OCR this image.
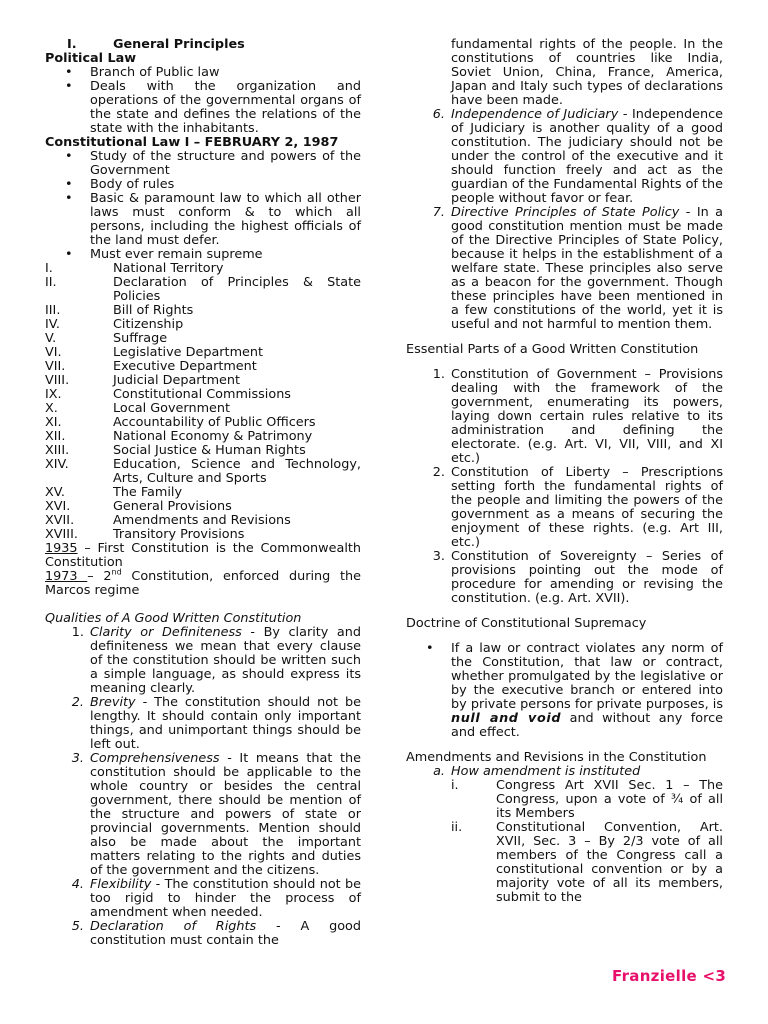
I.	General Principles
Political Law
•	Branch of Public law
•	Deals with the organization and operations of the governmental organs of the state and defines the relations of the state with the inhabitants.
Constitutional Law I – FEBRUARY 2, 1987
•	Study of the structure and powers of the Government
•	Body of rules
•	Basic & paramount law to which all other laws must conform & to which all persons, including the highest officials of the land must defer.
•	Must ever remain supreme
I.	National Territory
II.	Declaration of Principles & State Policies
III.	Bill of Rights
IV.	Citizenship
V.	Suffrage
VI.	Legislative Department
VII.	Executive Department
VIII.	Judicial Department
IX.	Constitutional Commissions
X.	Local Government
XI.	Accountability of Public Officers
XII.	National Economy & Patrimony
XIII.	Social Justice & Human Rights
XIV.	Education, Science and Technology, Arts, Culture and Sports
XV.	The Family
XVI.	General Provisions
XVII.	Amendments and Revisions
XVIII.	Transitory Provisions
1935 – First Constitution is the Commonwealth Constitution
1973 – 2nd Constitution, enforced during the Marcos regime
Qualities of A Good Written Constitution
1. Clarity or Definiteness - By clarity and definiteness we mean that every clause of the constitution should be written such a simple language, as should express its meaning clearly.
2. Brevity - The constitution should not be lengthy. It should contain only important things, and unimportant things should be left out.
3. Comprehensiveness - It means that the constitution should be applicable to the whole country or besides the central government, there should be mention of the structure and powers of state or provincial governments. Mention should also be made about the important matters relating to the rights and duties of the government and the citizens.
4. Flexibility - The constitution should not be too rigid to hinder the process of amendment when needed.
5. Declaration of Rights - A good constitution must contain the
fundamental rights of the people. In the constitutions of countries like India, Soviet Union, China, France, America, Japan and Italy such types of declarations have been made.
6. Independence of Judiciary - Independence of Judiciary is another quality of a good constitution. The judiciary should not be under the control of the executive and it should function freely and act as the guardian of the Fundamental Rights of the people without favor or fear.
7. Directive Principles of State Policy - In a good constitution mention must be made of the Directive Principles of State Policy, because it helps in the establishment of a welfare state. These principles also serve as a beacon for the government. Though these principles have been mentioned in a few constitutions of the world, yet it is useful and not harmful to mention them.
Essential Parts of a Good Written Constitution
1. Constitution of Government – Provisions dealing with the framework of the government, enumerating its powers, laying down certain rules relative to its administration and defining the electorate. (e.g. Art. VI, VII, VIII, and XI etc.)
2. Constitution of Liberty – Prescriptions setting forth the fundamental rights of the people and limiting the powers of the government as a means of securing the enjoyment of these rights. (e.g. Art III, etc.)
3. Constitution of Sovereignty – Series of provisions pointing out the mode of procedure for amending or revising the constitution. (e.g. Art. XVII).
Doctrine of Constitutional Supremacy
•	If a law or contract violates any norm of the Constitution, that law or contract, whether promulgated by the legislative or by the executive branch or entered into by private persons for private purposes, is null and void and without any force and effect.
Amendments and Revisions in the Constitution
a. How amendment is instituted
i.	Congress Art XVII Sec. 1 – The Congress, upon a vote of ¾ of all its Members
ii.	Constitutional Convention, Art. XVII, Sec. 3 – By 2/3 vote of all members of the Congress call a constitutional convention or by a majority vote of all its members, submit to the
Franzielle <3
